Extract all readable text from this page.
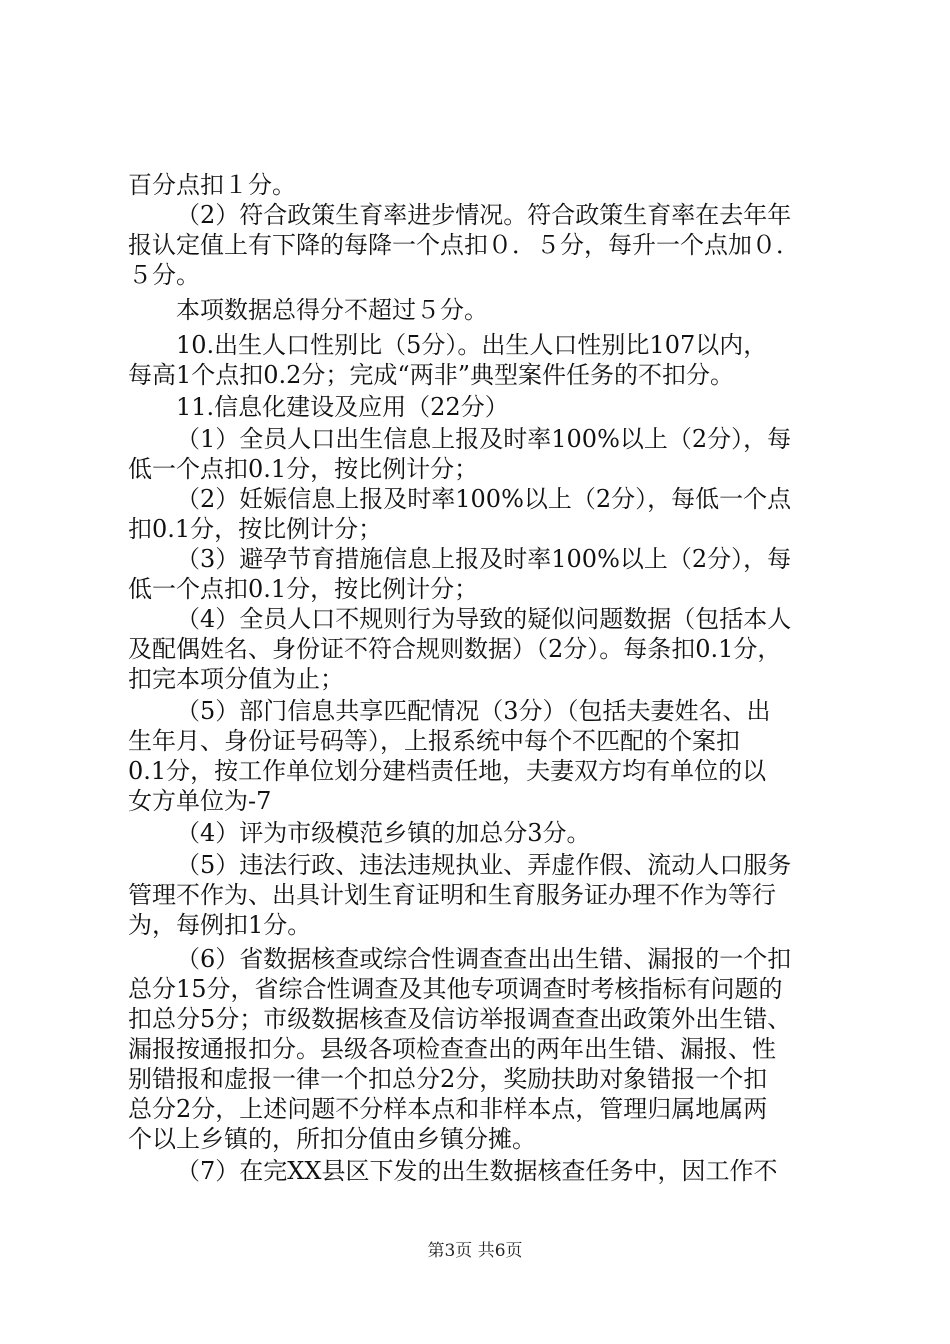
百分点扣１分。

（2）符合政策生育率进步情况。符合政策生育率在去年年

报认定值上有下降的每降一个点扣０．５分，每升一个点加０．

５分。

本项数据总得分不超过５分。

10.出生人口性别比（5分）。出生人口性别比107以内，

每高1个点扣0.2分；完成“两非”典型案件任务的不扣分。

11.信息化建设及应用（22分）

（1）全员人口出生信息上报及时率100%以上（2分），每

低一个点扣0.1分，按比例计分；

（2）妊娠信息上报及时率100%以上（2分），每低一个点

扣0.1分，按比例计分；

（3）避孕节育措施信息上报及时率100%以上（2分），每

低一个点扣0.1分，按比例计分；

（4）全员人口不规则行为导致的疑似问题数据（包括本人

及配偶姓名、身份证不符合规则数据）（2分）。每条扣0.1分，

扣完本项分值为止；

（5）部门信息共享匹配情况（3分）（包括夫妻姓名、出

生年月、身份证号码等），上报系统中每个不匹配的个案扣

0.1分，按工作单位划分建档责任地，夫妻双方均有单位的以

女方单位为-7

（4）评为市级模范乡镇的加总分3分。

（5）违法行政、违法违规执业、弄虚作假、流动人口服务

管理不作为、出具计划生育证明和生育服务证办理不作为等行

为，每例扣1分。

（6）省数据核查或综合性调查查出出生错、漏报的一个扣

总分15分，省综合性调查及其他专项调查时考核指标有问题的

扣总分5分；市级数据核查及信访举报调查查出政策外出生错、

漏报按通报扣分。县级各项检查查出的两年出生错、漏报、性

别错报和虚报一律一个扣总分2分，奖励扶助对象错报一个扣

总分2分，上述问题不分样本点和非样本点，管理归属地属两

个以上乡镇的，所扣分值由乡镇分摊。

（7）在完XX县区下发的出生数据核查任务中，因工作不

第3页 共6页
